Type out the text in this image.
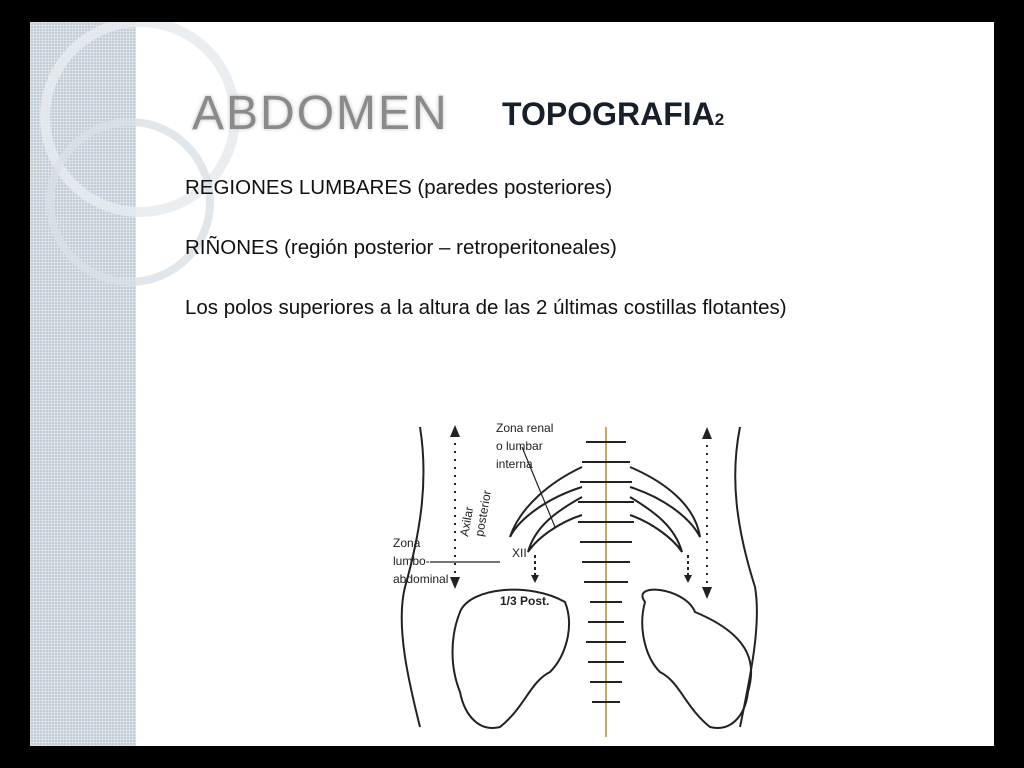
ABDOMEN TOPOGRAFIA2
REGIONES LUMBARES (paredes posteriores)
RIÑONES (región posterior – retroperitoneales)
Los polos superiores a la altura de las 2 últimas costillas flotantes)
Zona renal
o lumbar
interna
Axilar
posterior
Zona
lumbo-
abdominal
XII
1/3 Post.
